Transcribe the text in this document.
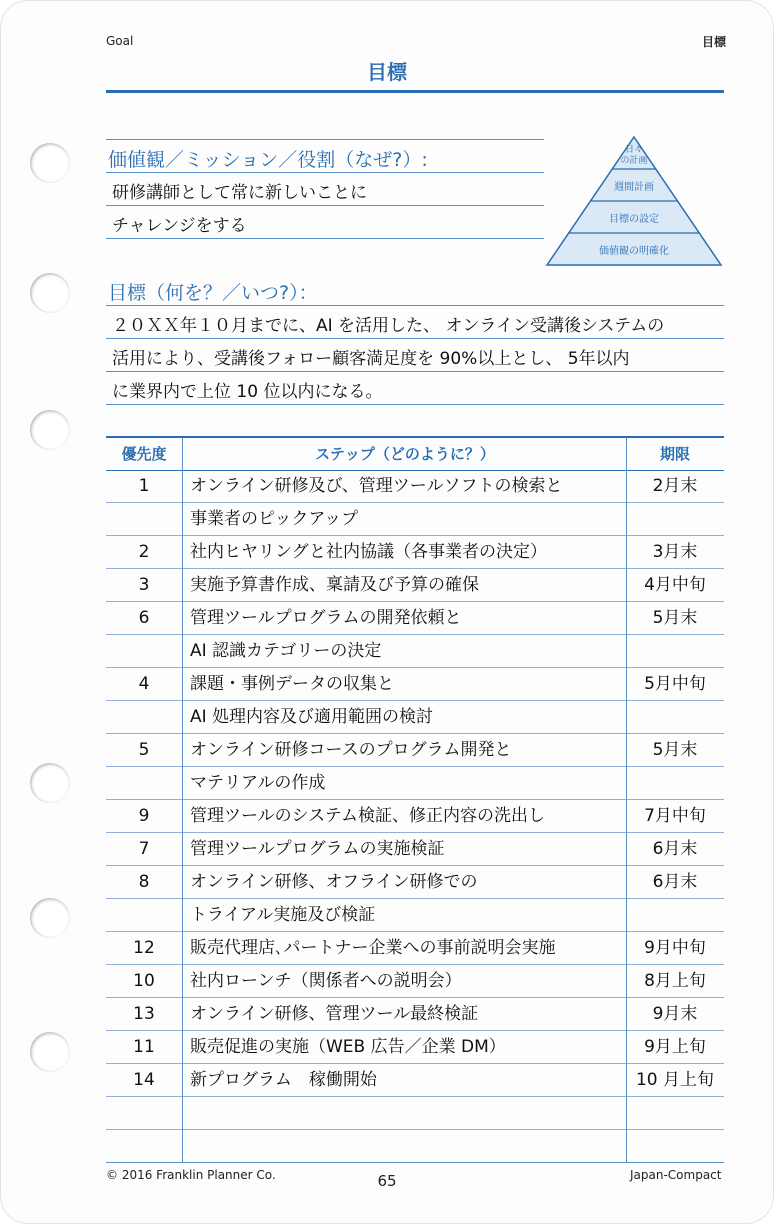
Goal	目標
目標
価値観／ミッション／役割（なぜ?）:
研修講師として常に新しいことに
チャレンジをする
日々の計画
週間計画
目標の設定
価値観の明確化
目標（何を？／いつ?）：
２０ＸＸ年１０月までに、AI を活用した、 オンライン受講後システムの
活用により、受講後フォロー顧客満足度を 90%以上とし、 5年以内
に業界内で上位 10 位以内になる。
優先度	ステップ（どのように？）	期限
1	オンライン研修及び、管理ツールソフトの検索と	2月末
事業者のピックアップ
2	社内ヒヤリングと社内協議（各事業者の決定）	3月末
3	実施予算書作成、稟請及び予算の確保	4月中旬
6	管理ツールプログラムの開発依頼と	5月末
AI 認識カテゴリーの決定
4	課題・事例データの収集と	5月中旬
AI 処理内容及び適用範囲の検討
5	オンライン研修コースのプログラム開発と	5月末
マテリアルの作成
9	管理ツールのシステム検証、修正内容の洗出し	7月中旬
7	管理ツールプログラムの実施検証	6月末
8	オンライン研修、オフライン研修での	6月末
トライアル実施及び検証
12	販売代理店､パートナー企業への事前説明会実施	9月中旬
10	社内ローンチ（関係者への説明会）	8月上旬
13	オンライン研修、管理ツール最終検証	9月末
11	販売促進の実施（WEB 広告／企業 DM）	9月上旬
14	新プログラム　稼働開始	10 月上旬
© 2016 Franklin Planner Co.	65	Japan-Compact
